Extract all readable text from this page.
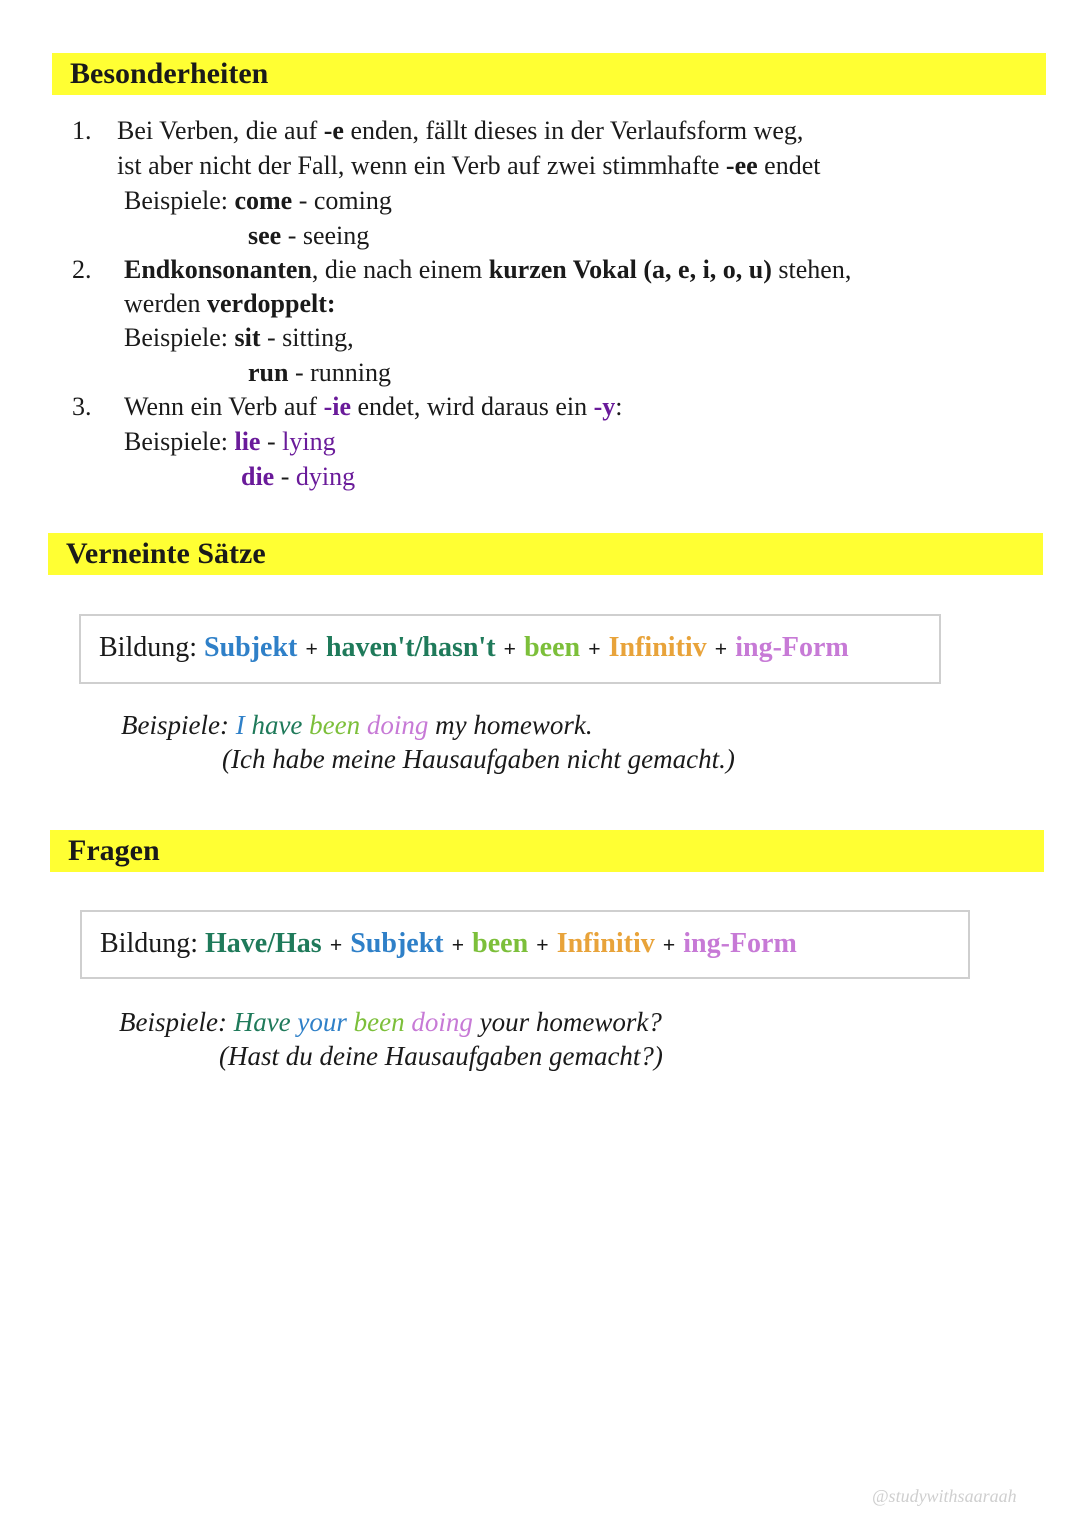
Besonderheiten
1. Bei Verben, die auf -e enden, fällt dieses in der Verlaufsform weg,
ist aber nicht der Fall, wenn ein Verb auf zwei stimmhafte -ee endet
Beispiele: come - coming
see - seeing
2. Endkonsonanten, die nach einem kurzen Vokal (a, e, i, o, u) stehen,
werden verdoppelt:
Beispiele: sit - sitting,
run - running
3. Wenn ein Verb auf -ie endet, wird daraus ein -y:
Beispiele: lie - lying
die - dying
Verneinte Sätze
Bildung: Subjekt + haven't/hasn't + been + Infinitiv + ing-Form
Beispiele: I have been doing my homework.
(Ich habe meine Hausaufgaben nicht gemacht.)
Fragen
Bildung: Have/Has + Subjekt + been + Infinitiv + ing-Form
Beispiele: Have your been doing your homework?
(Hast du deine Hausaufgaben gemacht?)
@studywithsaaraah
